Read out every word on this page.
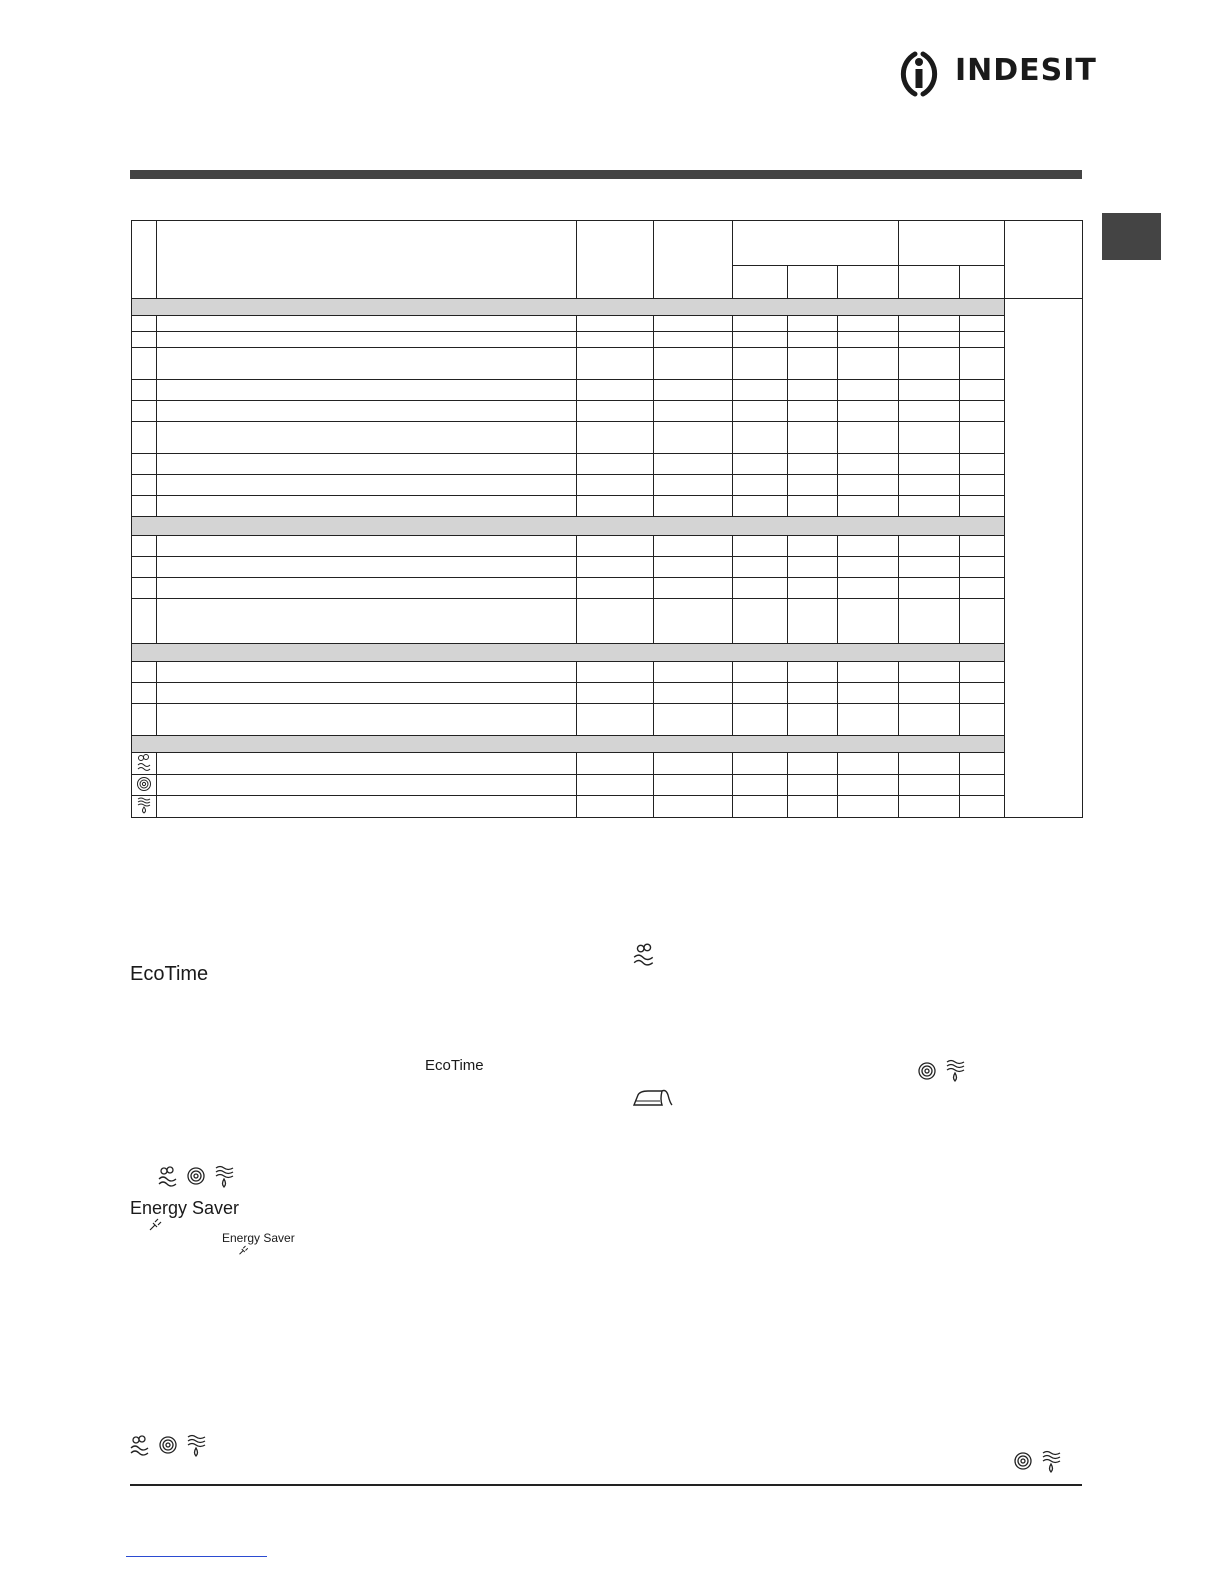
INDESIT

EcoTime
EcoTime
Energy Saver
Energy Saver
